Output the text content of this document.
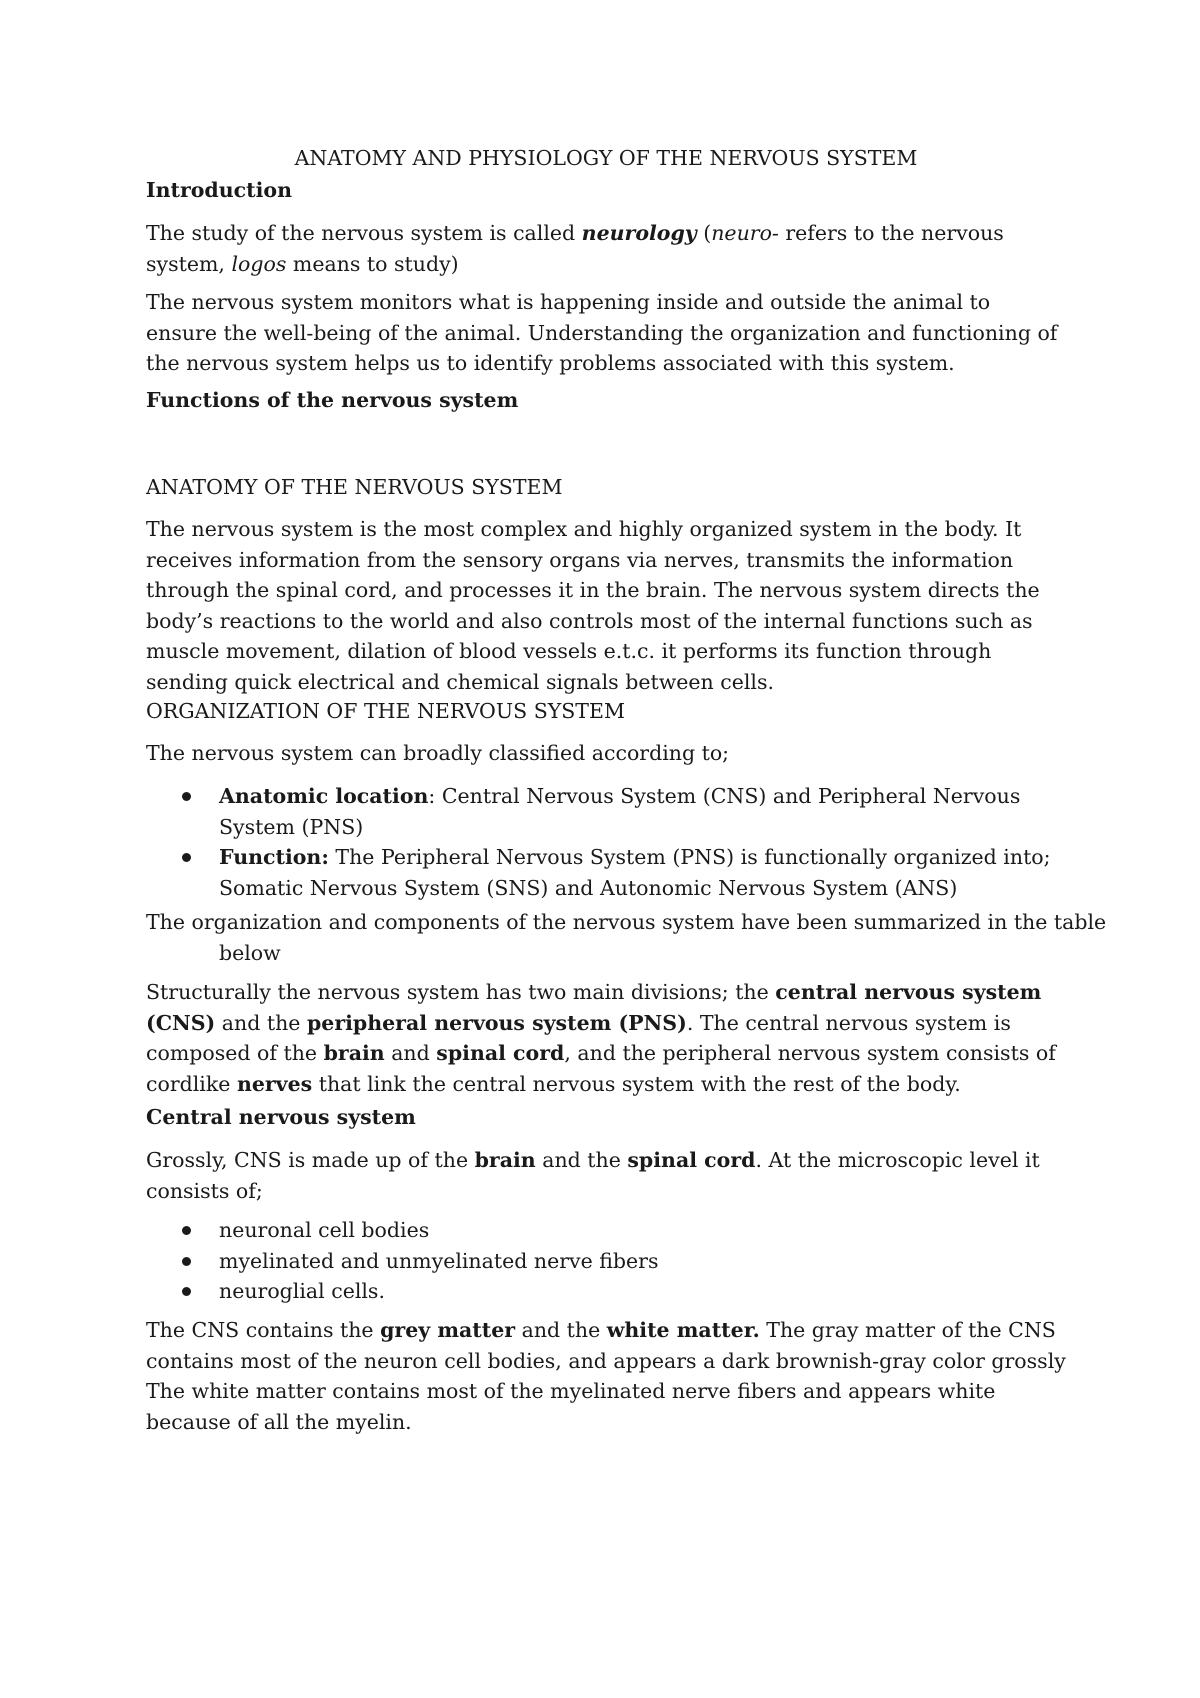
ANATOMY AND PHYSIOLOGY OF THE NERVOUS SYSTEM

Introduction

The study of the nervous system is called neurology (neuro- refers to the nervous system, logos means to study)

The nervous system monitors what is happening inside and outside the animal to ensure the well-being of the animal. Understanding the organization and functioning of the nervous system helps us to identify problems associated with this system.

Functions of the nervous system

ANATOMY OF THE NERVOUS SYSTEM

The nervous system is the most complex and highly organized system in the body. It receives information from the sensory organs via nerves, transmits the information through the spinal cord, and processes it in the brain. The nervous system directs the body’s reactions to the world and also controls most of the internal functions such as muscle movement, dilation of blood vessels e.t.c. it performs its function through sending quick electrical and chemical signals between cells.

ORGANIZATION OF THE NERVOUS SYSTEM

The nervous system can broadly classified according to;

Anatomic location: Central Nervous System (CNS) and Peripheral Nervous System (PNS)
Function: The Peripheral Nervous System (PNS) is functionally organized into; Somatic Nervous System (SNS) and Autonomic Nervous System (ANS)

The organization and components of the nervous system have been summarized in the table below

Structurally the nervous system has two main divisions; the central nervous system (CNS) and the peripheral nervous system (PNS). The central nervous system is composed of the brain and spinal cord, and the peripheral nervous system consists of cordlike nerves that link the central nervous system with the rest of the body.

Central nervous system

Grossly, CNS is made up of the brain and the spinal cord. At the microscopic level it consists of;

neuronal cell bodies
myelinated and unmyelinated nerve fibers
neuroglial cells.

The CNS contains the grey matter and the white matter. The gray matter of the CNS contains most of the neuron cell bodies, and appears a dark brownish-gray color grossly The white matter contains most of the myelinated nerve fibers and appears white because of all the myelin.
